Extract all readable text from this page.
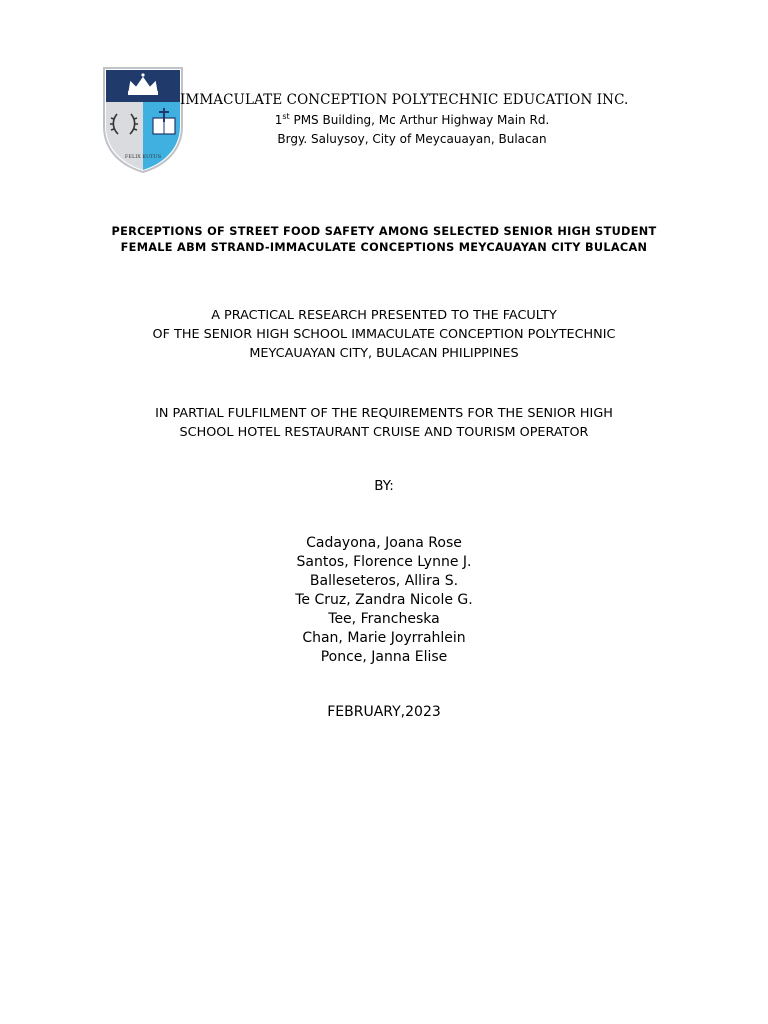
FELIX KUTUS

IMMACULATE CONCEPTION POLYTECHNIC EDUCATION INC.

1st PMS Building, Mc Arthur Highway Main Rd.

Brgy. Saluysoy, City of Meycauayan, Bulacan

PERCEPTIONS OF STREET FOOD SAFETY AMONG SELECTED SENIOR HIGH STUDENT
FEMALE ABM STRAND-IMMACULATE CONCEPTIONS MEYCAUAYAN CITY BULACAN
A PRACTICAL RESEARCH PRESENTED TO THE FACULTY
OF THE SENIOR HIGH SCHOOL IMMACULATE CONCEPTION POLYTECHNIC
MEYCAUAYAN CITY, BULACAN PHILIPPINES
IN PARTIAL FULFILMENT OF THE REQUIREMENTS FOR THE SENIOR HIGH
SCHOOL HOTEL RESTAURANT CRUISE AND TOURISM OPERATOR

BY:

Cadayona, Joana Rose
Santos, Florence Lynne J.
Balleseteros, Allira S.
Te Cruz, Zandra Nicole G.
Tee, Francheska
Chan, Marie Joyrrahlein
Ponce, Janna Elise

FEBRUARY,2023
